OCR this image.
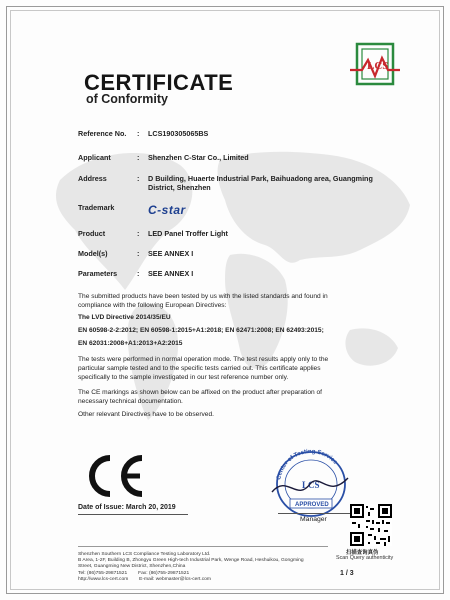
CERTIFICATE
of Conformity
LCS
Reference No. : LCS190305065BS
Applicant	: Shenzhen C-Star Co., Limited
Address	: D Building, Huaerte Industrial Park, Baihuadong area, Guangming
District, Shenzhen
Trademark	C-star
Product	: LED Panel Troffer Light
Model(s)	: SEE ANNEX I
Parameters	: SEE ANNEX I
The submitted products have been tested by us with the listed standards and found in
compliance with the following European Directives:
The LVD Directive 2014/35/EU
EN 60598-2-2:2012; EN 60598-1:2015+A1:2018; EN 62471:2008; EN 62493:2015;
EN 62031:2008+A1:2013+A2:2015
The tests were performed in normal operation mode. The test results apply only to the
particular sample tested and to the specific tests carried out. This certificate applies
specifically to the sample investigated in our test reference number only.
The CE markings as shown below can be affixed on the product after preparation of
necessary technical documentation.
Other relevant Directives have to be observed.
Date of Issue: March 20, 2019
Center of Testing Service
LCS
APPROVED
Manager
扫描查询真伪
Scan Query authenticity
Shenzhen Southern LCS Compliance Testing Laboratory Ltd.
B Area, 1-2F, Building B, Zhongyu Green High-tech Industrial Park, Wenge Road, Heshuikou, Gongming
Street, Guangming New District, Shenzhen,China
Tel: (86)755-29871521        Fax: (86)755-29871521
http://www.lcs-cert.com        E-mail: webmaster@lcs-cert.com
1 / 3
